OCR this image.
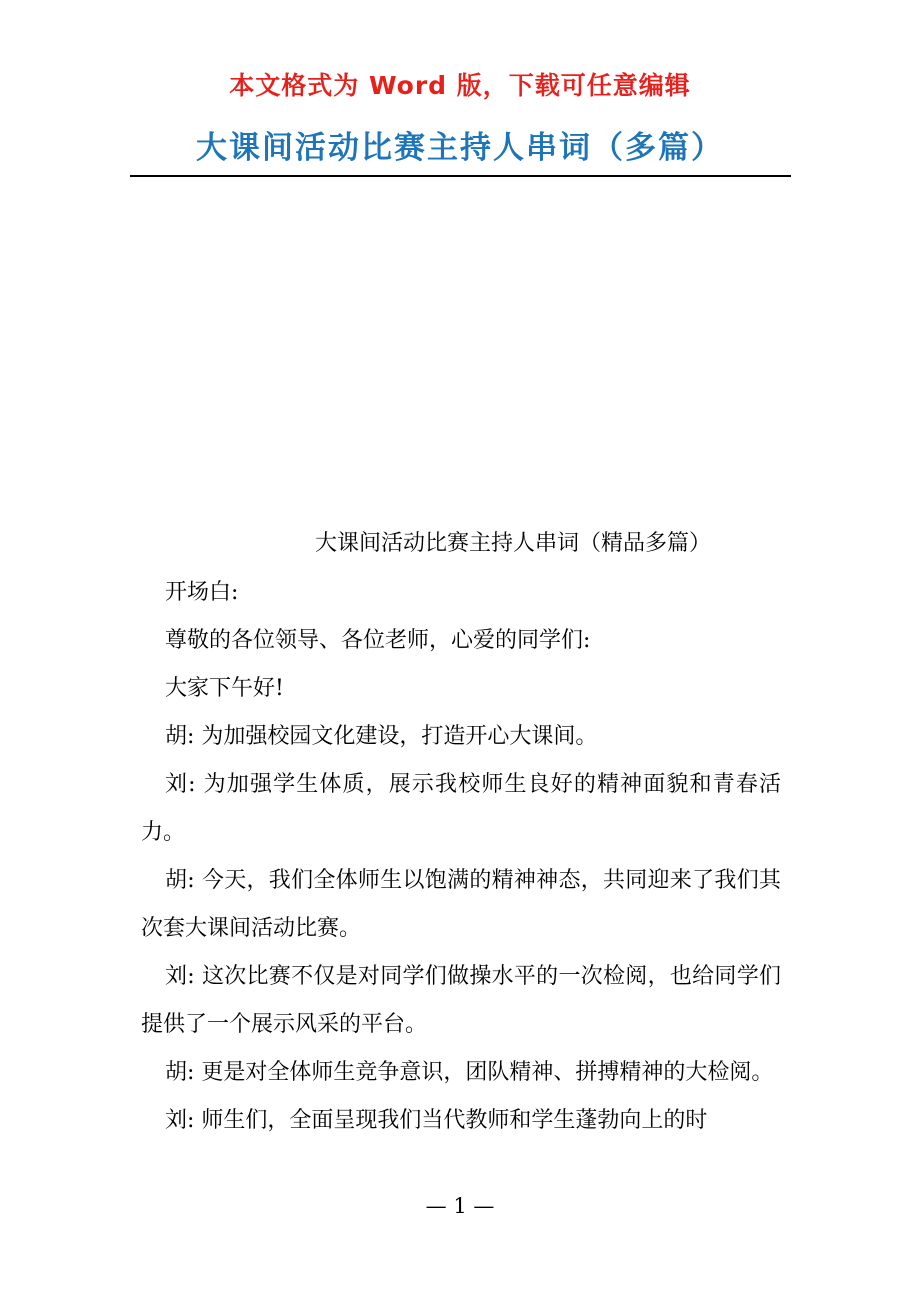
本文格式为 Word 版，下载可任意编辑
大课间活动比赛主持人串词（多篇）
大课间活动比赛主持人串词（精品多篇）

开场白:

尊敬的各位领导、各位老师，心爱的同学们:

大家下午好!

胡: 为加强校园文化建设，打造开心大课间。

刘: 为加强学生体质，展示我校师生良好的精神面貌和青春活力。

胡: 今天，我们全体师生以饱满的精神神态，共同迎来了我们其次套大课间活动比赛。

刘: 这次比赛不仅是对同学们做操水平的一次检阅，也给同学们提供了一个展示风采的平台。

胡: 更是对全体师生竞争意识，团队精神、拼搏精神的大检阅。

刘: 师生们，全面呈现我们当代教师和学生蓬勃向上的时

— 1 —
